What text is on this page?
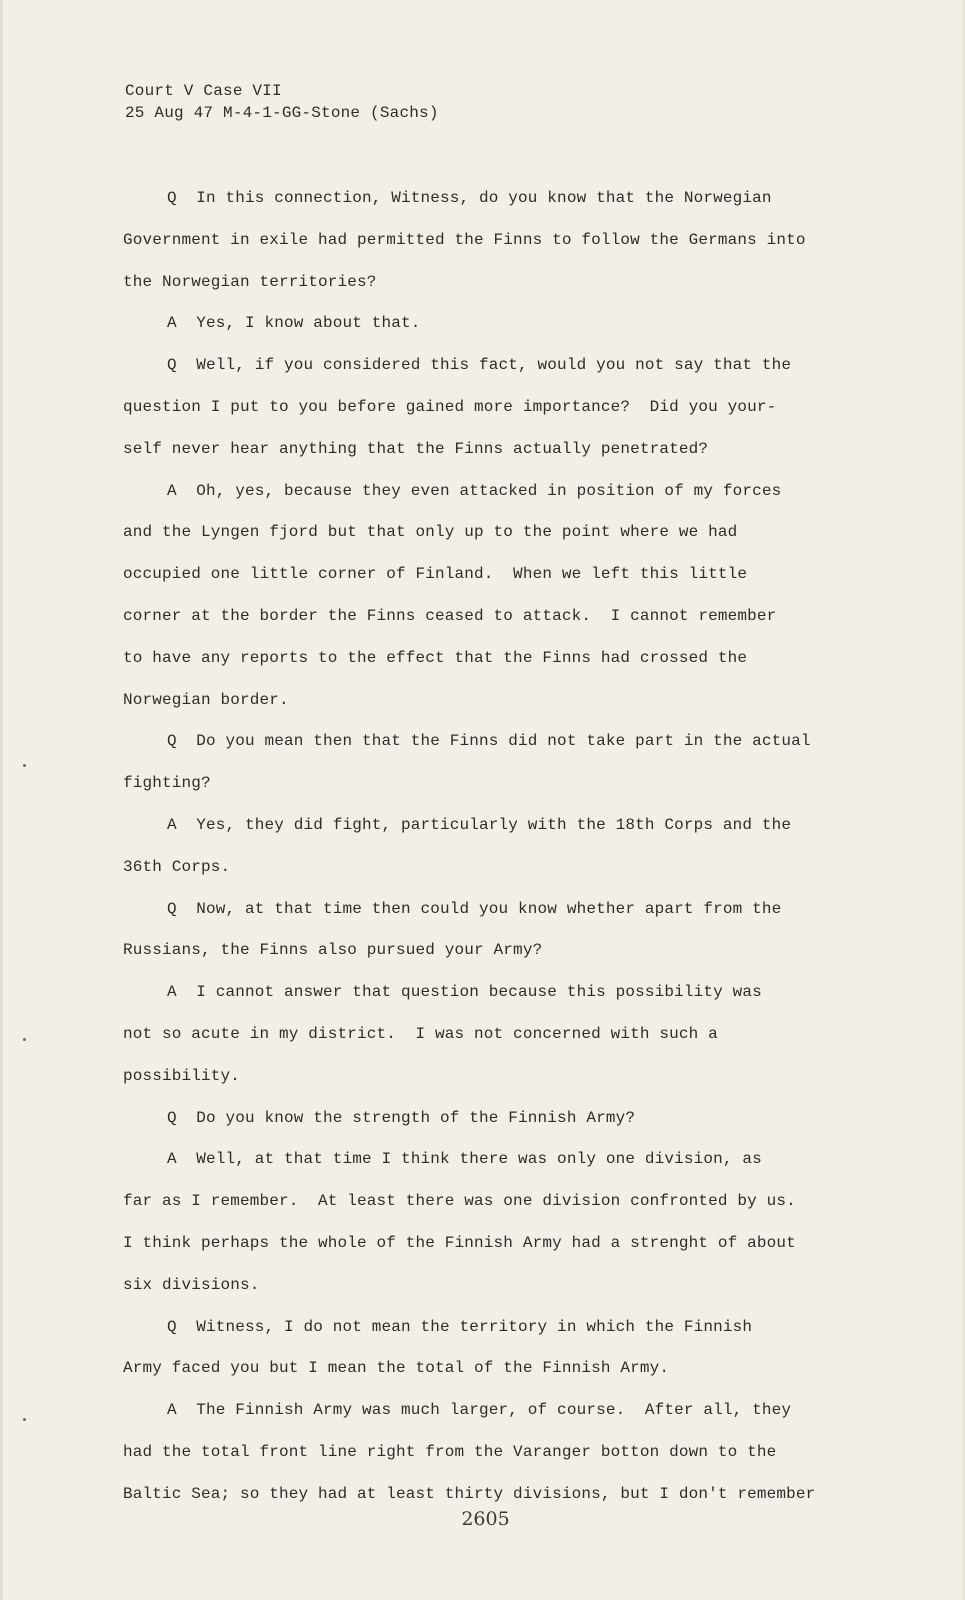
Court V Case VII
25 Aug 47 M-4-1-GG-Stone (Sachs)
Q  In this connection, Witness, do you know that the Norwegian
Government in exile had permitted the Finns to follow the Germans into
the Norwegian territories?
A  Yes, I know about that.
Q  Well, if you considered this fact, would you not say that the
question I put to you before gained more importance?  Did you your-
self never hear anything that the Finns actually penetrated?
A  Oh, yes, because they even attacked in position of my forces
and the Lyngen fjord but that only up to the point where we had
occupied one little corner of Finland.  When we left this little
corner at the border the Finns ceased to attack.  I cannot remember
to have any reports to the effect that the Finns had crossed the
Norwegian border.
Q  Do you mean then that the Finns did not take part in the actual
fighting?
A  Yes, they did fight, particularly with the 18th Corps and the
36th Corps.
Q  Now, at that time then could you know whether apart from the
Russians, the Finns also pursued your Army?
A  I cannot answer that question because this possibility was
not so acute in my district.  I was not concerned with such a
possibility.
Q  Do you know the strength of the Finnish Army?
A  Well, at that time I think there was only one division, as
far as I remember.  At least there was one division confronted by us.
I think perhaps the whole of the Finnish Army had a strenght of about
six divisions.
Q  Witness, I do not mean the territory in which the Finnish
Army faced you but I mean the total of the Finnish Army.
A  The Finnish Army was much larger, of course.  After all, they
had the total front line right from the Varanger botton down to the
Baltic Sea; so they had at least thirty divisions, but I don't remember
2605
